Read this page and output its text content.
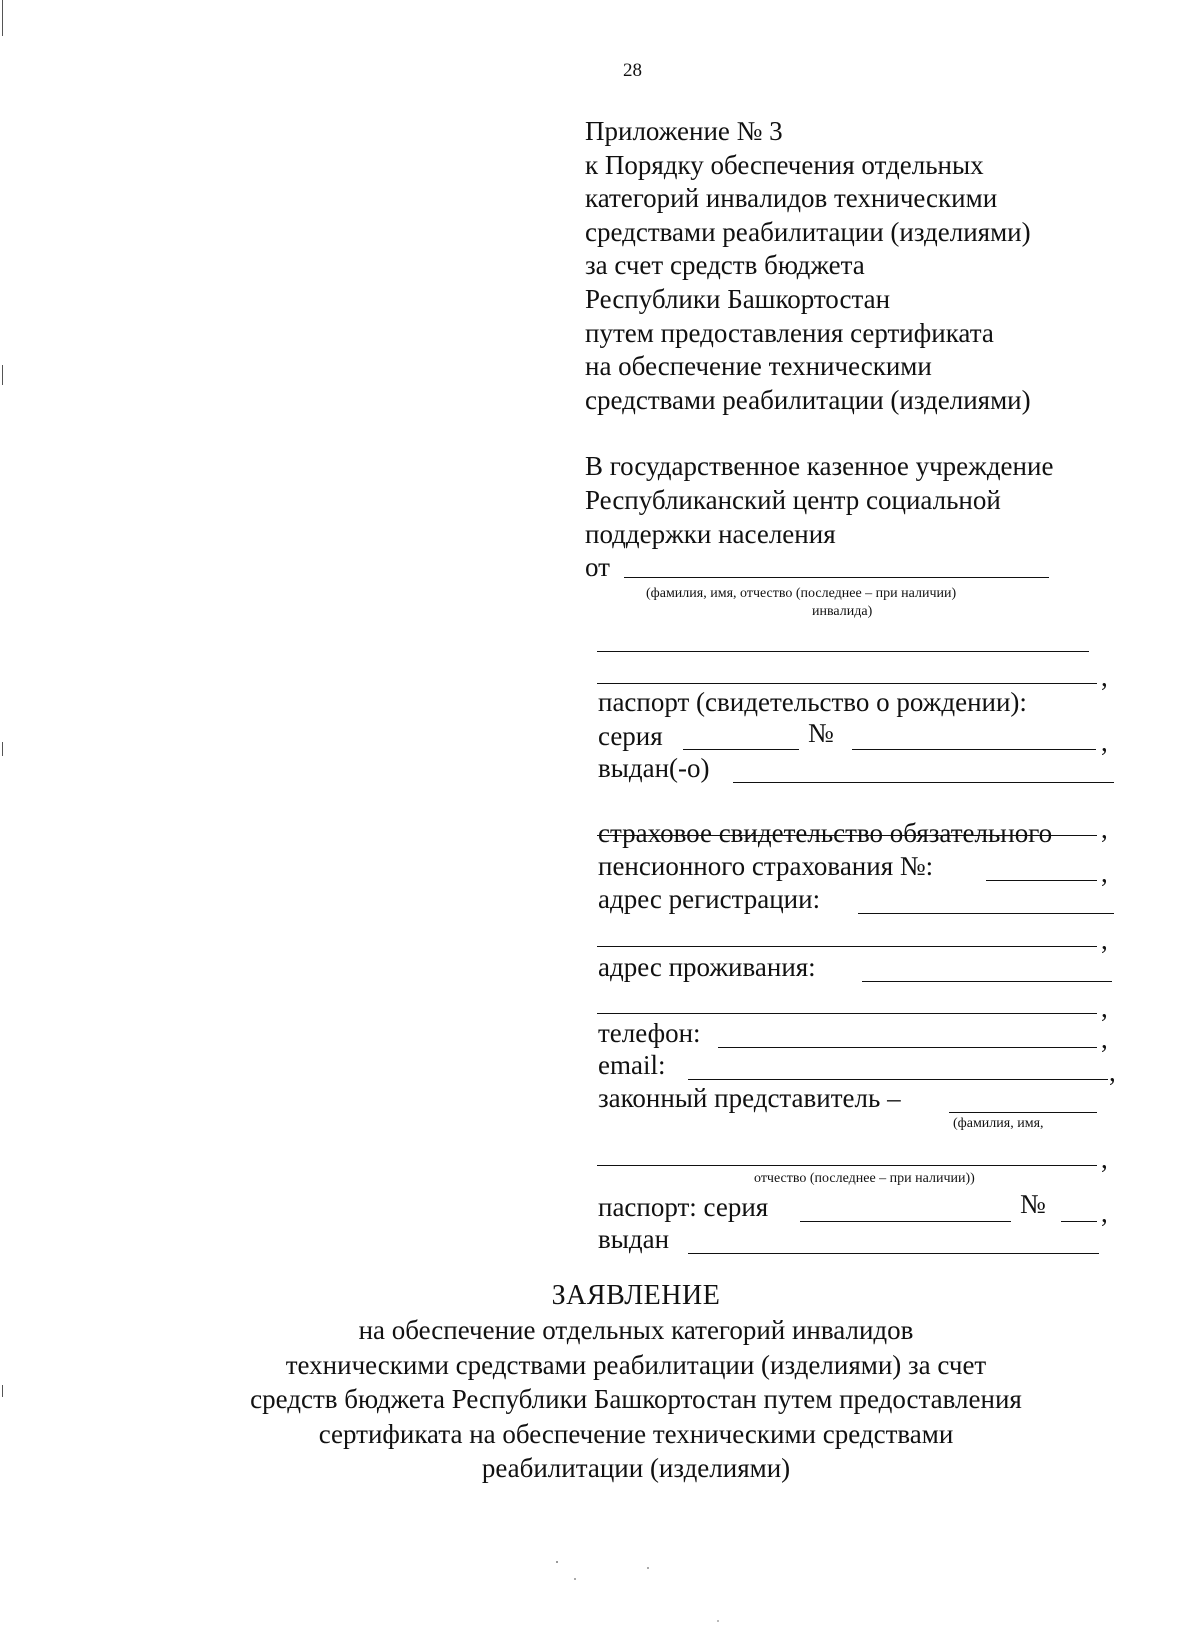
28
Приложение № 3
к Порядку обеспечения отдельных
категорий инвалидов техническими
средствами реабилитации (изделиями)
за счет средств бюджета
Республики Башкортостан
путем предоставления сертификата
на обеспечение техническими
средствами реабилитации (изделиями)
В государственное казенное учреждение
Республиканский центр социальной
поддержки населения
от
(фамилия, имя, отчество (последнее – при наличии)
инвалида)
,
паспорт (свидетельство о рождении):
серия	№	,
выдан(-о)
,
страховое свидетельство обязательного
пенсионного страхования №:	,
адрес регистрации:
,
адрес проживания:
,
телефон:	,
email:	,
законный представитель –
(фамилия, имя,
,
отчество (последнее – при наличии))
паспорт: серия	№ ,
выдан
ЗАЯВЛЕНИЕ
на обеспечение отдельных категорий инвалидов
техническими средствами реабилитации (изделиями) за счет
средств бюджета Республики Башкортостан путем предоставления
сертификата на обеспечение техническими средствами
реабилитации (изделиями)
